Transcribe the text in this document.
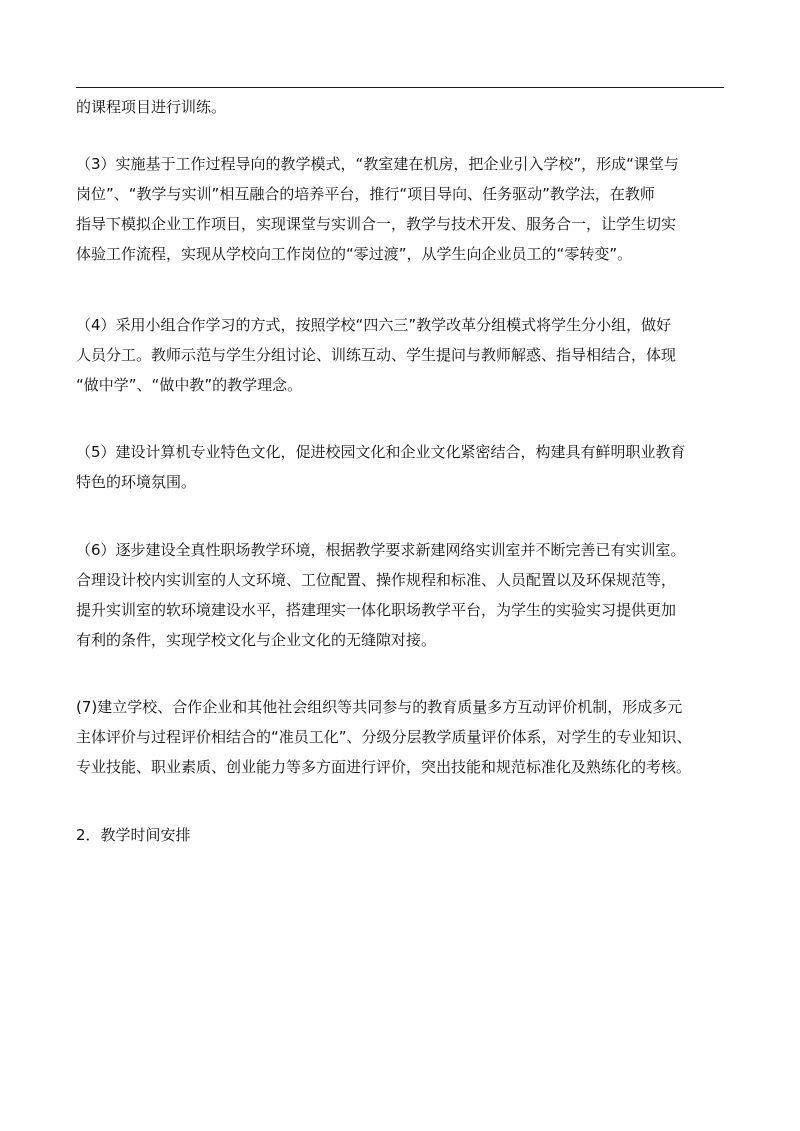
的课程项目进行训练。

（3）实施基于工作过程导向的教学模式，“教室建在机房，把企业引入学校”，形成“课堂与
岗位”、“教学与实训”相互融合的培养平台，推行“项目导向、任务驱动”教学法，在教师
指导下模拟企业工作项目，实现课堂与实训合一，教学与技术开发、服务合一，让学生切实
体验工作流程，实现从学校向工作岗位的“零过渡”，从学生向企业员工的“零转变”。

（4）采用小组合作学习的方式，按照学校“四六三”教学改革分组模式将学生分小组，做好
人员分工。教师示范与学生分组讨论、训练互动、学生提问与教师解惑、指导相结合，体现
“做中学”、“做中教”的教学理念。

（5）建设计算机专业特色文化，促进校园文化和企业文化紧密结合，构建具有鲜明职业教育
特色的环境氛围。

（6）逐步建设全真性职场教学环境，根据教学要求新建网络实训室并不断完善已有实训室。
合理设计校内实训室的人文环境、工位配置、操作规程和标准、人员配置以及环保规范等，
提升实训室的软环境建设水平，搭建理实一体化职场教学平台，为学生的实验实习提供更加
有利的条件，实现学校文化与企业文化的无缝隙对接。

(7)建立学校、合作企业和其他社会组织等共同参与的教育质量多方互动评价机制，形成多元
主体评价与过程评价相结合的“准员工化”、分级分层教学质量评价体系，对学生的专业知识、
专业技能、职业素质、创业能力等多方面进行评价，突出技能和规范标准化及熟练化的考核。

2．教学时间安排
